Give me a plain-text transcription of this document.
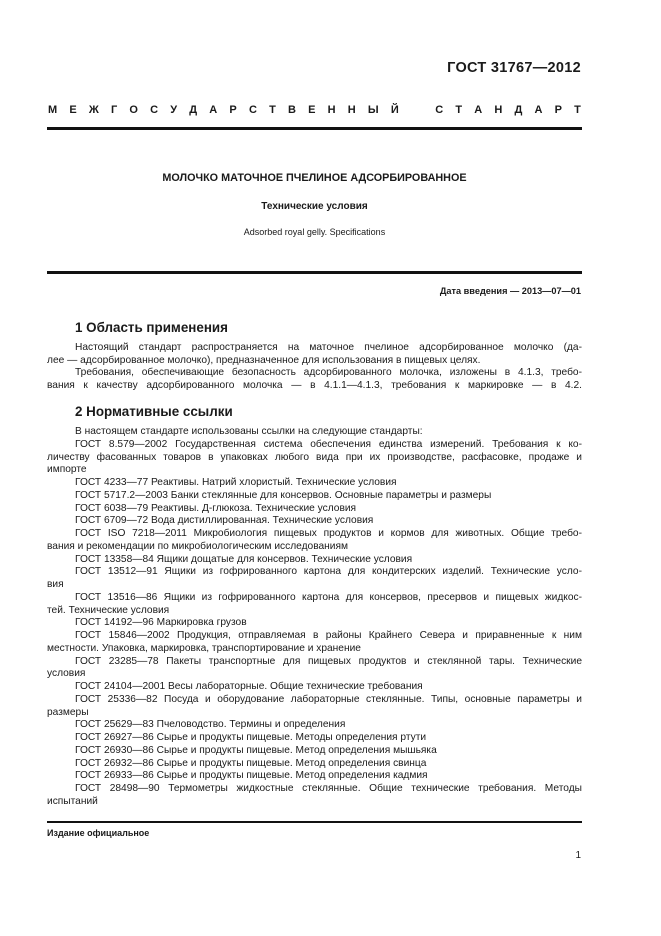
ГОСТ 31767—2012
М Е Ж Г О С У Д А Р С Т В Е Н Н Ы Й	С Т А Н Д А Р Т
МОЛОЧКО МАТОЧНОЕ ПЧЕЛИНОЕ АДСОРБИРОВАННОЕ
Технические условия
Adsorbed royal gelly. Specifications
Дата введения — 2013—07—01
1 Область применения
Настоящий стандарт распространяется на маточное пчелиное адсорбированное молочко (да-
лее — адсорбированное молочко), предназначенное для использования в пищевых целях.
Требования, обеспечивающие безопасность адсорбированного молочка, изложены в 4.1.3, требо-
вания к качеству адсорбированного молочка — в 4.1.1—4.1.3, требования к маркировке — в 4.2.
2 Нормативные ссылки
В настоящем стандарте использованы ссылки на следующие стандарты:
ГОСТ 8.579—2002 Государственная система обеспечения единства измерений. Требования к ко-
личеству фасованных товаров в упаковках любого вида при их производстве, расфасовке, продаже и
импорте
ГОСТ 4233—77 Реактивы. Натрий хлористый. Технические условия
ГОСТ 5717.2—2003 Банки стеклянные для консервов. Основные параметры и размеры
ГОСТ 6038—79 Реактивы. Д-глюкоза. Технические условия
ГОСТ 6709—72 Вода дистиллированная. Технические условия
ГОСТ ISO 7218—2011 Микробиология пищевых продуктов и кормов для животных. Общие требо-
вания и рекомендации по микробиологическим исследованиям
ГОСТ 13358—84 Ящики дощатые для консервов. Технические условия
ГОСТ 13512—91 Ящики из гофрированного картона для кондитерских изделий. Технические усло-
вия
ГОСТ 13516—86 Ящики из гофрированного картона для консервов, пресервов и пищевых жидкос-
тей. Технические условия
ГОСТ 14192—96 Маркировка грузов
ГОСТ 15846—2002 Продукция, отправляемая в районы Крайнего Севера и приравненные к ним
местности. Упаковка, маркировка, транспортирование и хранение
ГОСТ 23285—78 Пакеты транспортные для пищевых продуктов и стеклянной тары. Технические
условия
ГОСТ 24104—2001 Весы лабораторные. Общие технические требования
ГОСТ 25336—82 Посуда и оборудование лабораторные стеклянные. Типы, основные параметры и
размеры
ГОСТ 25629—83 Пчеловодство. Термины и определения
ГОСТ 26927—86 Сырье и продукты пищевые. Методы определения ртути
ГОСТ 26930—86 Сырье и продукты пищевые. Метод определения мышьяка
ГОСТ 26932—86 Сырье и продукты пищевые. Метод определения свинца
ГОСТ 26933—86 Сырье и продукты пищевые. Метод определения кадмия
ГОСТ 28498—90 Термометры жидкостные стеклянные. Общие технические требования. Методы
испытаний
Издание официальное
1
